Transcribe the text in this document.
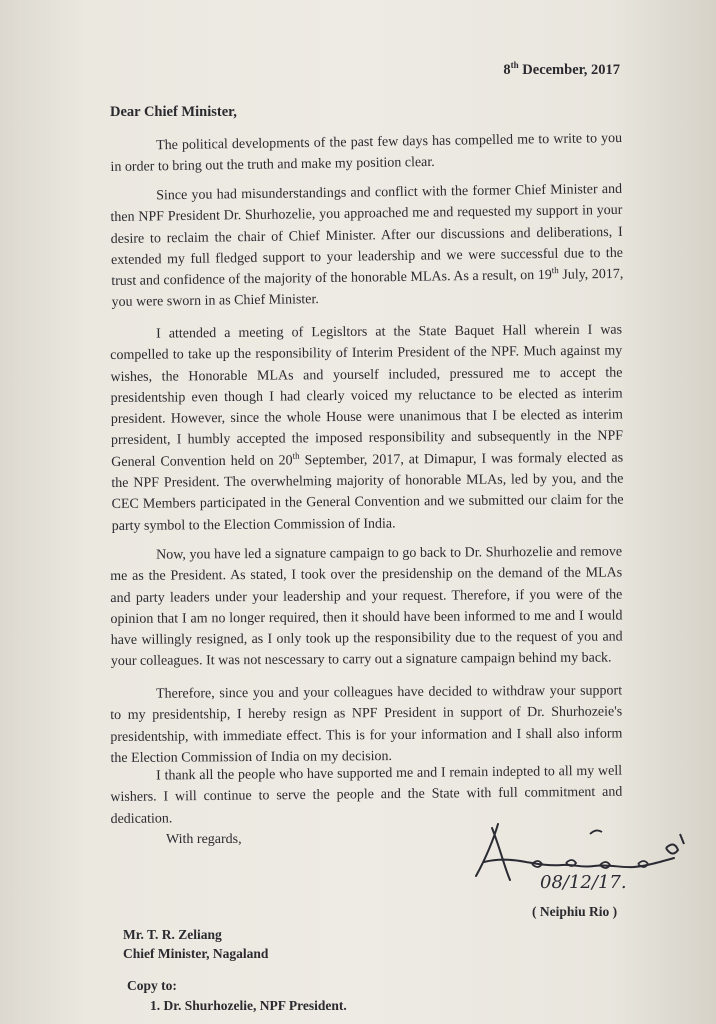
8th December, 2017
Dear Chief Minister,

The political developments of the past few days has compelled me to write to you in order to bring out the truth and make my position clear.

Since you had misunderstandings and conflict with the former Chief Minister and then NPF President Dr. Shurhozelie, you approached me and requested my support in your desire to reclaim the chair of Chief Minister. After our discussions and deliberations, I extended my full fledged support to your leadership and we were successful due to the trust and confidence of the majority of the honorable MLAs. As a result, on 19th July, 2017, you were sworn in as Chief Minister.

I attended a meeting of Legisltors at the State Baquet Hall wherein I was compelled to take up the responsibility of Interim President of the NPF. Much against my wishes, the Honorable MLAs and yourself included, pressured me to accept the presidentship even though I had clearly voiced my reluctance to be elected as interim president. However, since the whole House were unanimous that I be elected as interim prresident, I humbly accepted the imposed responsibility and subsequently in the NPF General Convention held on 20th September, 2017, at Dimapur, I was formaly elected as the NPF President. The overwhelming majority of honorable MLAs, led by you, and the CEC Members participated in the General Convention and we submitted our claim for the party symbol to the Election Commission of India.

Now, you have led a signature campaign to go back to Dr. Shurhozelie and remove me as the President. As stated, I took over the presidenship on the demand of the MLAs and party leaders under your leadership and your request. Therefore, if you were of the opinion that I am no longer required, then it should have been informed to me and I would have willingly resigned, as I only took up the responsibility due to the request of you and your colleagues. It was not nescessary to carry out a signature campaign behind my back.

Therefore, since you and your colleagues have decided to withdraw your support to my presidentship, I hereby resign as NPF President in support of Dr. Shurhozeie's presidentship, with immediate effect. This is for your information and I shall also inform the Election Commission of India on my decision.

I thank all the people who have supported me and I remain indepted to all my well wishers. I will continue to serve the people and the State with full commitment and dedication.

With regards,
08/12/17.
( Neiphiu Rio )
Mr. T. R. Zeliang
Chief Minister, Nagaland
Copy to:
1. Dr. Shurhozelie, NPF President.
